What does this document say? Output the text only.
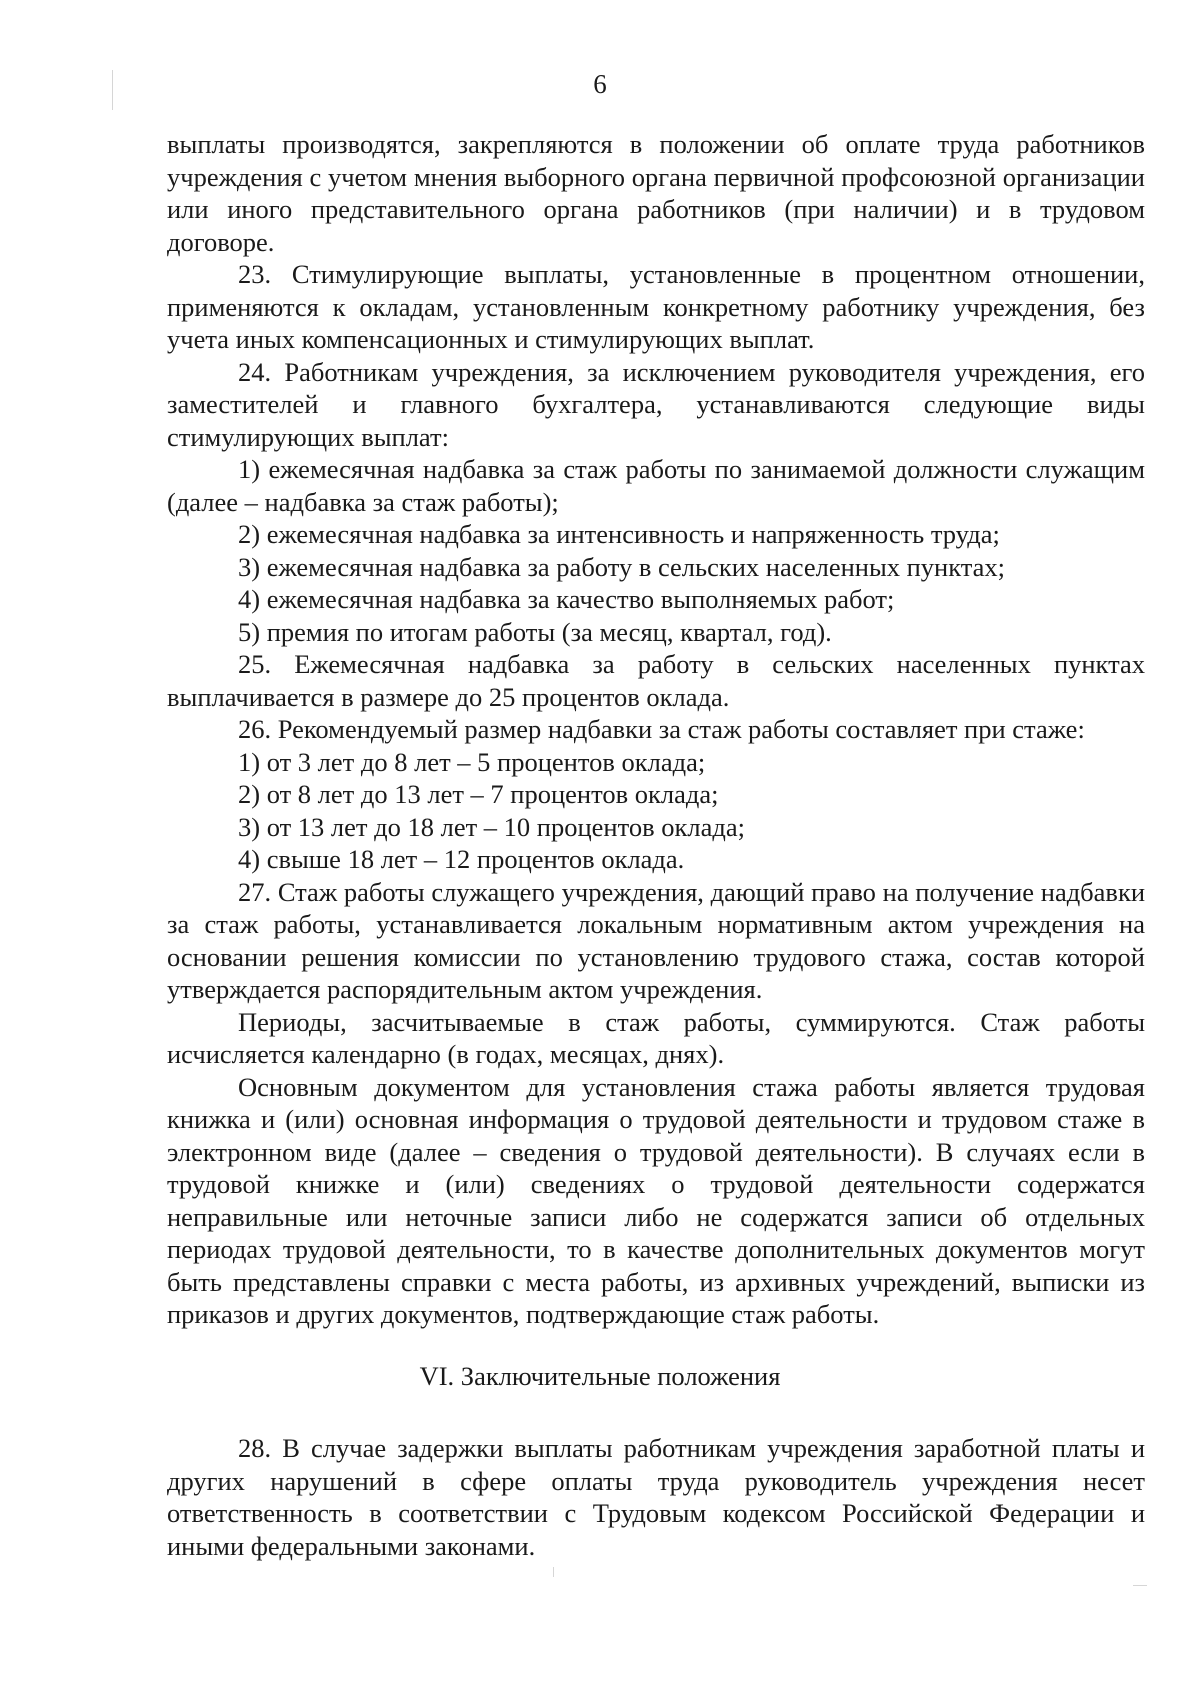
6

выплаты производятся, закрепляются в положении об оплате труда работников учреждения с учетом мнения выборного органа первичной профсоюзной организации или иного представительного органа работников (при наличии) и в трудовом договоре.

23. Стимулирующие выплаты, установленные в процентном отношении, применяются к окладам, установленным конкретному работнику учреждения, без учета иных компенсационных и стимулирующих выплат.

24. Работникам учреждения, за исключением руководителя учреждения, его заместителей и главного бухгалтера, устанавливаются следующие виды стимулирующих выплат:

1) ежемесячная надбавка за стаж работы по занимаемой должности служащим (далее – надбавка за стаж работы);

2) ежемесячная надбавка за интенсивность и напряженность труда;

3) ежемесячная надбавка за работу в сельских населенных пунктах;

4) ежемесячная надбавка за качество выполняемых работ;

5) премия по итогам работы (за месяц, квартал, год).

25. Ежемесячная надбавка за работу в сельских населенных пунктах выплачивается в размере до 25 процентов оклада.

26. Рекомендуемый размер надбавки за стаж работы составляет при стаже:

1) от 3 лет до 8 лет – 5 процентов оклада;

2) от 8 лет до 13 лет – 7 процентов оклада;

3) от 13 лет до 18 лет – 10 процентов оклада;

4) свыше 18 лет – 12 процентов оклада.

27. Стаж работы служащего учреждения, дающий право на получение надбавки за стаж работы, устанавливается локальным нормативным актом учреждения на основании решения комиссии по установлению трудового стажа, состав которой утверждается распорядительным актом учреждения.

Периоды, засчитываемые в стаж работы, суммируются. Стаж работы исчисляется календарно (в годах, месяцах, днях).

Основным документом для установления стажа работы является трудовая книжка и (или) основная информация о трудовой деятельности и трудовом стаже в электронном виде (далее – сведения о трудовой деятельности). В случаях если в трудовой книжке и (или) сведениях о трудовой деятельности содержатся неправильные или неточные записи либо не содержатся записи об отдельных периодах трудовой деятельности, то в качестве дополнительных документов могут быть представлены справки с места работы, из архивных учреждений, выписки из приказов и других документов, подтверждающие стаж работы.

VI. Заключительные положения

28. В случае задержки выплаты работникам учреждения заработной платы и других нарушений в сфере оплаты труда руководитель учреждения несет ответственность в соответствии с Трудовым кодексом Российской Федерации и иными федеральными законами.
